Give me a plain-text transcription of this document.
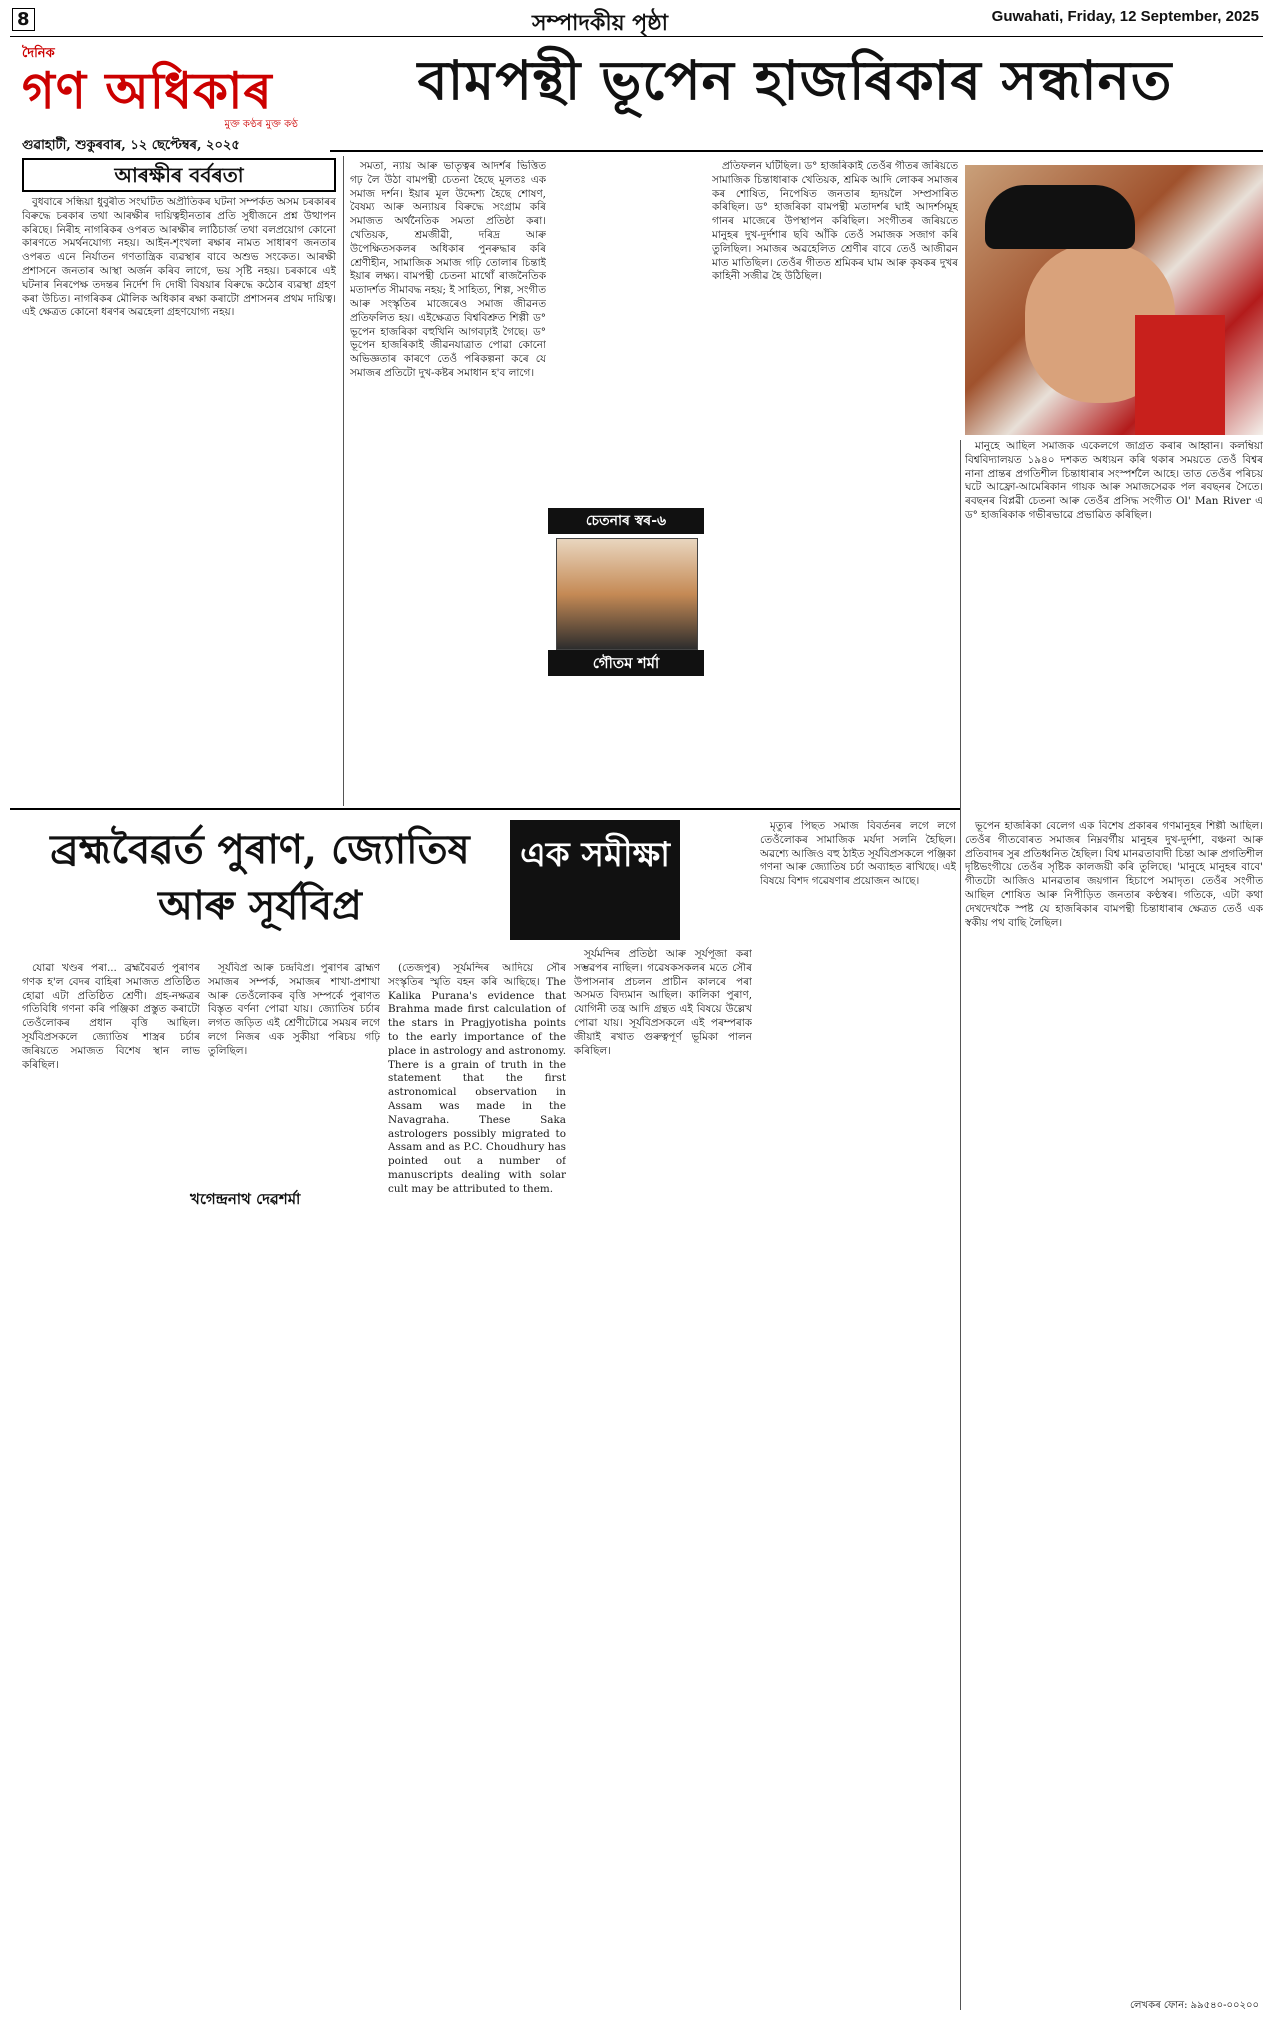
8	সম্পাদকীয় পৃষ্ঠা	Guwahati, Friday, 12 September, 2025
দৈনিক
গণ অধিকাৰ
মুক্ত কণ্ঠৰ মুক্ত কণ্ঠ
গুৱাহাটী, শুকুৰবাৰ, ১২ ছেপ্টেম্বৰ, ২০২৫
বামপন্থী ভূপেন হাজৰিকাৰ সন্ধানত
আৰক্ষীৰ বৰ্বৰতা

বুধবাৰে সন্ধিয়া ধুবুৰীত সংঘটিত অপ্ৰীতিকৰ ঘটনা সম্পৰ্কত অসম চৰকাৰৰ বিৰুদ্ধে চৰকাৰ তথা আৰক্ষীৰ দায়িত্বহীনতাৰ প্ৰতি সুধীজনে প্ৰশ্ন উত্থাপন কৰিছে। নিৰীহ নাগৰিকৰ ওপৰত আৰক্ষীৰ লাঠিচাৰ্জ তথা বলপ্ৰয়োগ কোনো কাৰণতে সমৰ্থনযোগ্য নহয়। আইন-শৃংখলা ৰক্ষাৰ নামত সাধাৰণ জনতাৰ ওপৰত এনে নিৰ্যাতন গণতান্ত্ৰিক ব্যৱস্থাৰ বাবে অশুভ সংকেত। আৰক্ষী প্ৰশাসনে জনতাৰ আস্থা অৰ্জন কৰিব লাগে, ভয় সৃষ্টি নহয়। চৰকাৰে এই ঘটনাৰ নিৰপেক্ষ তদন্তৰ নিৰ্দেশ দি দোষী বিষয়াৰ বিৰুদ্ধে কঠোৰ ব্যৱস্থা গ্ৰহণ কৰা উচিত। নাগৰিকৰ মৌলিক অধিকাৰ ৰক্ষা কৰাটো প্ৰশাসনৰ প্ৰথম দায়িত্ব। এই ক্ষেত্ৰত কোনো ধৰণৰ অৱহেলা গ্ৰহণযোগ্য নহয়।

সমতা, ন্যায় আৰু ভাতৃত্বৰ আদৰ্শৰ ভিত্তিত গঢ় লৈ উঠা বামপন্থী চেতনা হৈছে মূলতঃ এক সমাজ দৰ্শন। ইয়াৰ মূল উদ্দেশ্য হৈছে শোষণ, বৈষম্য আৰু অন্যায়ৰ বিৰুদ্ধে সংগ্ৰাম কৰি সমাজত অৰ্থনৈতিক সমতা প্ৰতিষ্ঠা কৰা। খেতিয়ক, শ্ৰমজীৱী, দৰিদ্ৰ আৰু উপেক্ষিতসকলৰ অধিকাৰ পুনৰুদ্ধাৰ কৰি শ্ৰেণীহীন, সামাজিক সমাজ গঢ়ি তোলাৰ চিন্তাই ইয়াৰ লক্ষ্য। বামপন্থী চেতনা মাথোঁ ৰাজনৈতিক মতাদৰ্শত সীমাবদ্ধ নহয়; ই সাহিত্য, শিল্প, সংগীত আৰু সংস্কৃতিৰ মাজেৰেও সমাজ জীৱনত প্ৰতিফলিত হয়। এইক্ষেত্ৰত বিশ্ববিশ্ৰুত শিল্পী ড° ভূপেন হাজৰিকা বহুখিনি আগবঢ়াই গৈছে। ড° ভূপেন হাজৰিকাই জীৱনযাত্ৰাত পোৱা কোনো অভিজ্ঞতাৰ কাৰণে তেওঁ পৰিকল্পনা কৰে যে সমাজৰ প্ৰতিটো দুখ-কষ্টৰ সমাধান হ'ব লাগে।

চেতনাৰ স্বৰ-৬
গৌতম শৰ্মা

প্ৰতিফলন ঘটিছিল। ড° হাজৰিকাই তেওঁৰ গীতৰ জৰিয়তে সামাজিক চিন্তাধাৰাক খেতিয়ক, শ্ৰমিক আদি লোকৰ সমাজৰ কৰ শোষিত, নিপেষিত জনতাৰ হৃদয়লৈ সম্প্ৰসাৰিত কৰিছিল। ড° হাজৰিকা বামপন্থী মতাদৰ্শৰ ঘাই আদৰ্শসমূহ গানৰ মাজেৰে উপস্থাপন কৰিছিল। সংগীতৰ জৰিয়তে মানুহৰ দুখ-দুৰ্দশাৰ ছবি আঁকি তেওঁ সমাজক সজাগ কৰি তুলিছিল। সমাজৰ অৱহেলিত শ্ৰেণীৰ বাবে তেওঁ আজীৱন মাত মাতিছিল। তেওঁৰ গীতত শ্ৰমিকৰ ঘাম আৰু কৃষকৰ দুখৰ কাহিনী সজীৱ হৈ উঠিছিল।

মানুহে আছিল সমাজক একেলগে জাগ্ৰত কৰাৰ আহ্বান। কলম্বিয়া বিশ্ববিদ্যালয়ত ১৯৪০ দশকত অধ্যয়ন কৰি থকাৰ সময়তে তেওঁ বিশ্বৰ নানা প্ৰান্তৰ প্ৰগতিশীল চিন্তাধাৰাৰ সংস্পৰ্শলৈ আহে। তাত তেওঁৰ পৰিচয় ঘটে আফ্ৰো-আমেৰিকান গায়ক আৰু সমাজসেৱক পল ৰবছনৰ সৈতে। ৰবছনৰ বিপ্লৱী চেতনা আৰু তেওঁৰ প্ৰসিদ্ধ সংগীত Ol' Man River এ ড° হাজৰিকাক গভীৰভাৱে প্ৰভাৱিত কৰিছিল।

ব্ৰহ্মবৈৱৰ্ত পুৰাণ, জ্যোতিষ আৰু সূৰ্যবিপ্ৰ
এক সমীক্ষা

যোৱা খণ্ডৰ পৰা... ব্ৰহ্মবৈৱৰ্ত পুৰাণৰ গণক হ'ল বেদৰ বাহিৰা সমাজত প্ৰতিষ্ঠিত হোৱা এটা প্ৰতিষ্ঠিত শ্ৰেণী। গ্ৰহ-নক্ষত্ৰৰ গতিবিধি গণনা কৰি পঞ্জিকা প্ৰস্তুত কৰাটো তেওঁলোকৰ প্ৰধান বৃত্তি আছিল। সূৰ্যবিপ্ৰসকলে জ্যোতিষ শাস্ত্ৰৰ চৰ্চাৰ জৰিয়তে সমাজত বিশেষ স্থান লাভ কৰিছিল।

খগেন্দ্ৰনাথ দেৱশৰ্মা

সূৰ্যবিপ্ৰ আৰু চন্দ্ৰবিপ্ৰ। পুৰাণৰ ব্ৰাহ্মণ সমাজৰ সম্পৰ্ক, সমাজৰ শাখা-প্ৰশাখা আৰু তেওঁলোকৰ বৃত্তি সম্পৰ্কে পুৰাণত বিস্তৃত বৰ্ণনা পোৱা যায়। জ্যোতিষ চৰ্চাৰ লগত জড়িত এই শ্ৰেণীটোৱে সময়ৰ লগে লগে নিজৰ এক সুকীয়া পৰিচয় গঢ়ি তুলিছিল।

(তেজপুৰ) সূৰ্যমন্দিৰ আদিয়ে সৌৰ সংস্কৃতিৰ স্মৃতি বহন কৰি আছিছে। The Kalika Purana's evidence that Brahma made first calculation of the stars in Pragjyotisha points to the early importance of the place in astrology and astronomy. There is a grain of truth in the statement that the first astronomical observation in Assam was made in the Navagraha. These Saka astrologers possibly migrated to Assam and as P.C. Choudhury has pointed out a number of manuscripts dealing with solar cult may be attributed to them.

সূৰ্যমন্দিৰ প্ৰতিষ্ঠা আৰু সূৰ্যপূজা কৰা সম্ভৱপৰ নাছিল। গৱেষকসকলৰ মতে সৌৰ উপাসনাৰ প্ৰচলন প্ৰাচীন কালৰে পৰা অসমত বিদ্যমান আছিল। কালিকা পুৰাণ, যোগিনী তন্ত্ৰ আদি গ্ৰন্থত এই বিষয়ে উল্লেখ পোৱা যায়। সূৰ্যবিপ্ৰসকলে এই পৰম্পৰাক জীয়াই ৰখাত গুৰুত্বপূৰ্ণ ভূমিকা পালন কৰিছিল।

মৃত্যুৰ পিছত সমাজ বিবৰ্তনৰ লগে লগে তেওঁলোকৰ সামাজিক মৰ্যদা সলনি হৈছিল। অৱশ্যে আজিও বহু ঠাইত সূৰ্যবিপ্ৰসকলে পঞ্জিকা গণনা আৰু জ্যোতিষ চৰ্চা অব্যাহত ৰাখিছে। এই বিষয়ে বিশদ গৱেষণাৰ প্ৰয়োজন আছে।

ভূপেন হাজৰিকা বেলেগ এক বিশেষ প্ৰকাৰৰ গণমানুহৰ শিল্পী আছিল। তেওঁৰ গীতবোৰত সমাজৰ নিম্নবৰ্গীয় মানুহৰ দুখ-দুৰ্দশা, বঞ্চনা আৰু প্ৰতিবাদৰ সুৰ প্ৰতিধ্বনিত হৈছিল। বিশ্ব মানৱতাবাদী চিন্তা আৰু প্ৰগতিশীল দৃষ্টিভংগীয়ে তেওঁৰ সৃষ্টিক কালজয়ী কৰি তুলিছে। 'মানুহে মানুহৰ বাবে' গীতটো আজিও মানৱতাৰ জয়গান হিচাপে সমাদৃত। তেওঁৰ সংগীত আছিল শোষিত আৰু নিপীড়িত জনতাৰ কণ্ঠস্বৰ। গতিকে, এটা কথা দেখদেখকৈ স্পষ্ট যে হাজৰিকাৰ বামপন্থী চিন্তাধাৰাৰ ক্ষেত্ৰত তেওঁ এক স্বকীয় পথ বাছি লৈছিল।

লেখকৰ ফোন: ৯৯৫৪০-০০২০০
